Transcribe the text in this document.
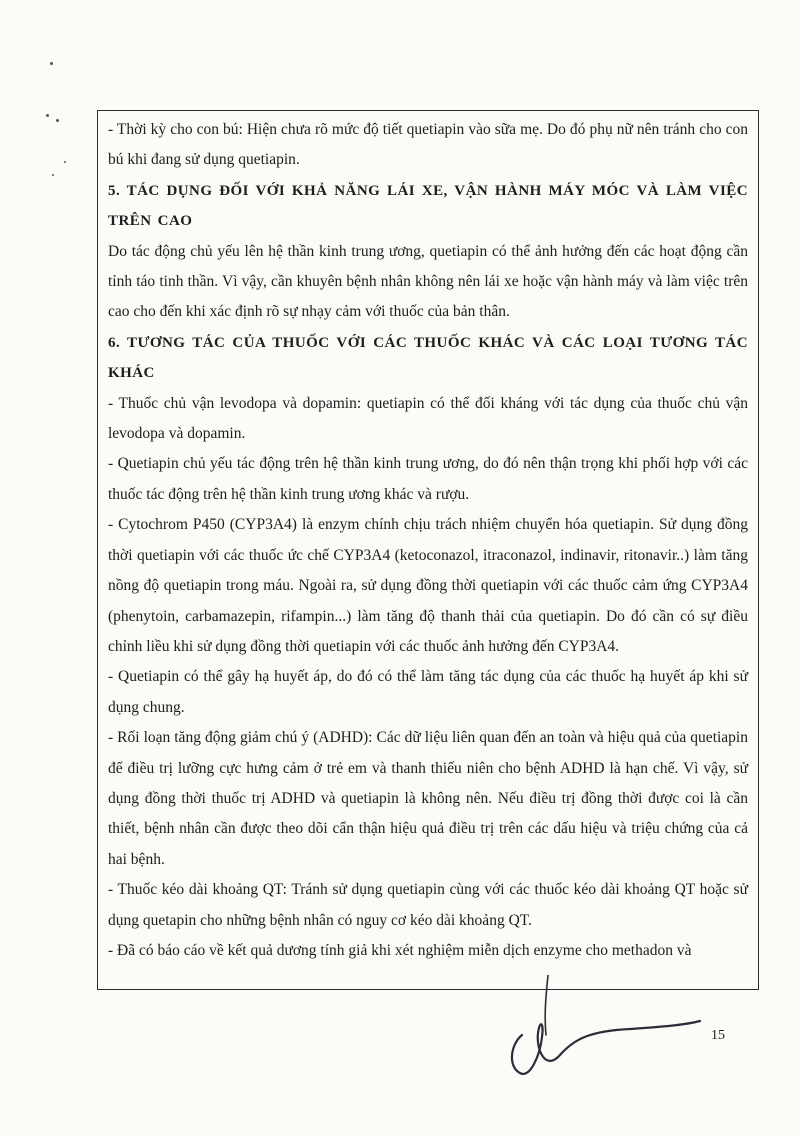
- Thời kỳ cho con bú: Hiện chưa rõ mức độ tiết quetiapin vào sữa mẹ. Do đó phụ nữ nên tránh cho con bú khi đang sử dụng quetiapin.

5. TÁC DỤNG ĐỐI VỚI KHẢ NĂNG LÁI XE, VẬN HÀNH MÁY MÓC VÀ LÀM VIỆC TRÊN CAO

Do tác động chủ yếu lên hệ thần kinh trung ương, quetiapin có thể ảnh hưởng đến các hoạt động cần tỉnh táo tinh thần. Vì vậy, cần khuyên bệnh nhân không nên lái xe hoặc vận hành máy và làm việc trên cao cho đến khi xác định rõ sự nhạy cảm với thuốc của bản thân.

6. TƯƠNG TÁC CỦA THUỐC VỚI CÁC THUỐC KHÁC VÀ CÁC LOẠI TƯƠNG TÁC KHÁC

- Thuốc chủ vận levodopa và dopamin: quetiapin có thể đối kháng với tác dụng của thuốc chủ vận levodopa và dopamin.

- Quetiapin chủ yếu tác động trên hệ thần kinh trung ương, do đó nên thận trọng khi phối hợp với các thuốc tác động trên hệ thần kinh trung ương khác và rượu.

- Cytochrom P450 (CYP3A4) là enzym chính chịu trách nhiệm chuyển hóa quetiapin. Sử dụng đồng thời quetiapin với các thuốc ức chế CYP3A4 (ketoconazol, itraconazol, indinavir, ritonavir..) làm tăng nồng độ quetiapin trong máu. Ngoài ra, sử dụng đồng thời quetiapin với các thuốc cảm ứng CYP3A4 (phenytoin, carbamazepin, rifampin...) làm tăng độ thanh thải của quetiapin. Do đó cần có sự điều chỉnh liều khi sử dụng đồng thời quetiapin với các thuốc ảnh hưởng đến CYP3A4.

- Quetiapin có thể gây hạ huyết áp, do đó có thể làm tăng tác dụng của các thuốc hạ huyết áp khi sử dụng chung.

- Rối loạn tăng động giảm chú ý (ADHD): Các dữ liệu liên quan đến an toàn và hiệu quả của quetiapin để điều trị lưỡng cực hưng cảm ở trẻ em và thanh thiếu niên cho bệnh ADHD là hạn chế. Vì vậy, sử dụng đồng thời thuốc trị ADHD và quetiapin là không nên. Nếu điều trị đồng thời được coi là cần thiết, bệnh nhân cần được theo dõi cẩn thận hiệu quả điều trị trên các dấu hiệu và triệu chứng của cả hai bệnh.

- Thuốc kéo dài khoảng QT: Tránh sử dụng quetiapin cùng với các thuốc kéo dài khoảng QT hoặc sử dụng quetapin cho những bệnh nhân có nguy cơ kéo dài khoảng QT.

- Đã có báo cáo về kết quả dương tính giả khi xét nghiệm miễn dịch enzyme cho methadon và

15
